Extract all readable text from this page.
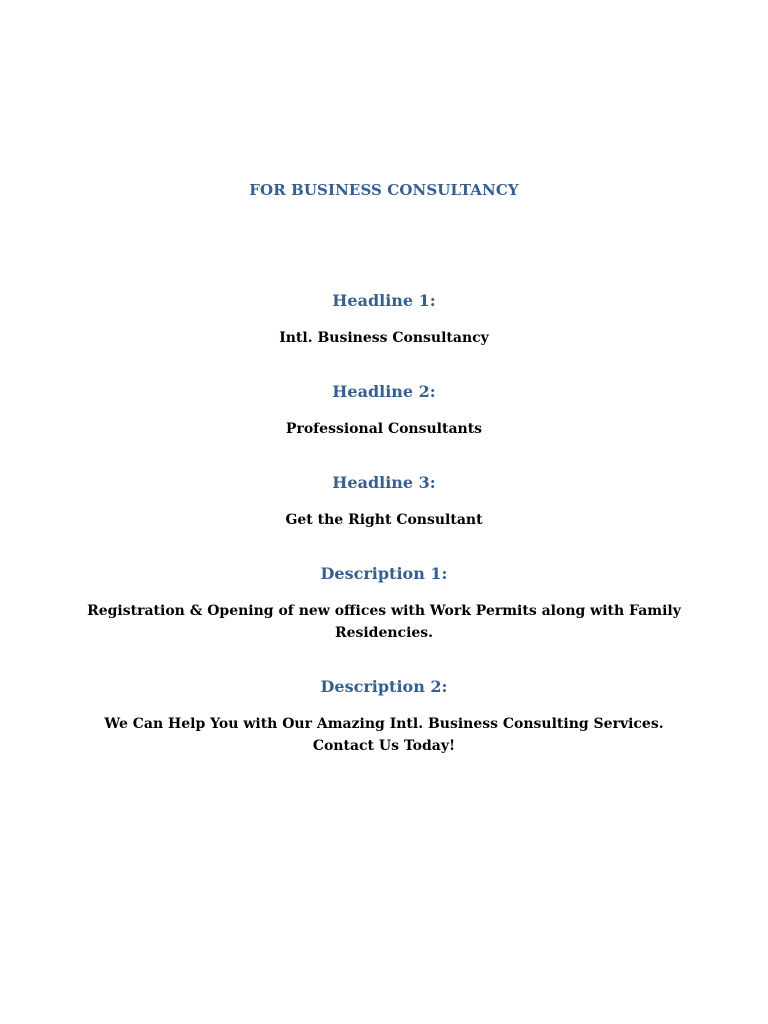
FOR BUSINESS CONSULTANCY
Headline 1:
Intl. Business Consultancy
Headline 2:
Professional Consultants
Headline 3:
Get the Right Consultant
Description 1:
Registration & Opening of new offices with Work Permits along with Family Residencies.
Description 2:
We Can Help You with Our Amazing Intl. Business Consulting Services. Contact Us Today!
